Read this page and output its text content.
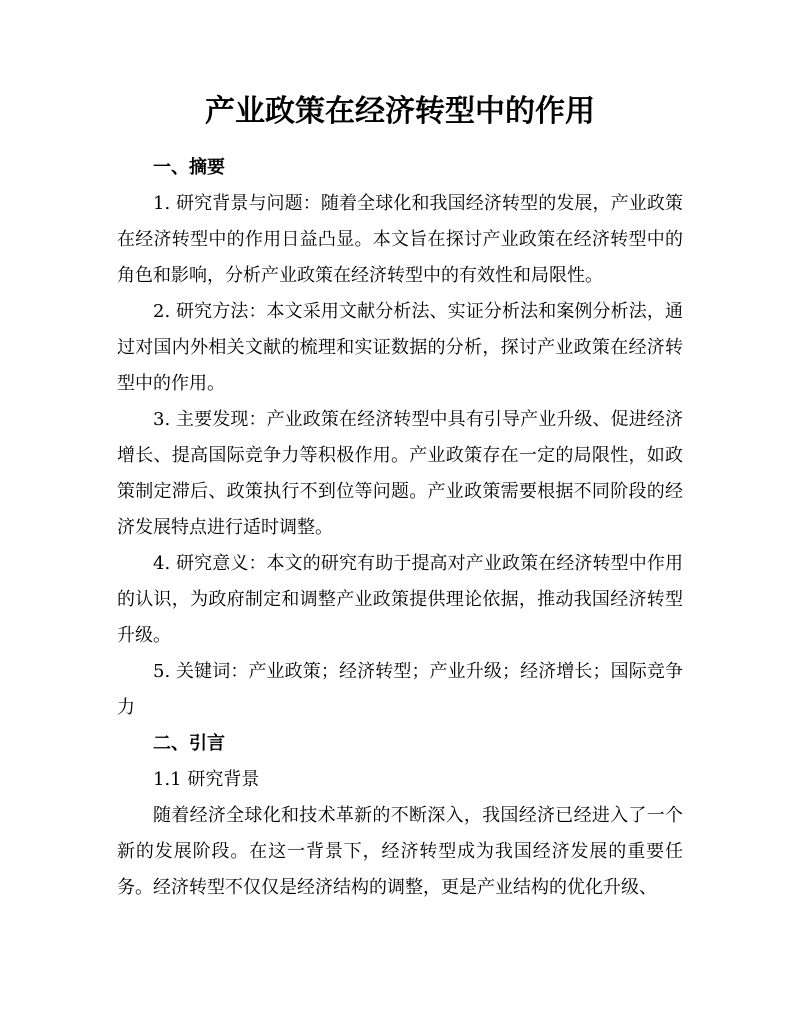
产业政策在经济转型中的作用

一、摘要

1. 研究背景与问题：随着全球化和我国经济转型的发展，产业政策在经济转型中的作用日益凸显。本文旨在探讨产业政策在经济转型中的角色和影响，分析产业政策在经济转型中的有效性和局限性。

2. 研究方法：本文采用文献分析法、实证分析法和案例分析法，通过对国内外相关文献的梳理和实证数据的分析，探讨产业政策在经济转型中的作用。

3. 主要发现：产业政策在经济转型中具有引导产业升级、促进经济增长、提高国际竞争力等积极作用。产业政策存在一定的局限性，如政策制定滞后、政策执行不到位等问题。产业政策需要根据不同阶段的经济发展特点进行适时调整。

4. 研究意义：本文的研究有助于提高对产业政策在经济转型中作用的认识，为政府制定和调整产业政策提供理论依据，推动我国经济转型升级。

5. 关键词：产业政策；经济转型；产业升级；经济增长；国际竞争力

二、引言

1.1 研究背景

随着经济全球化和技术革新的不断深入，我国经济已经进入了一个新的发展阶段。在这一背景下，经济转型成为我国经济发展的重要任务。经济转型不仅仅是经济结构的调整，更是产业结构的优化升级、
